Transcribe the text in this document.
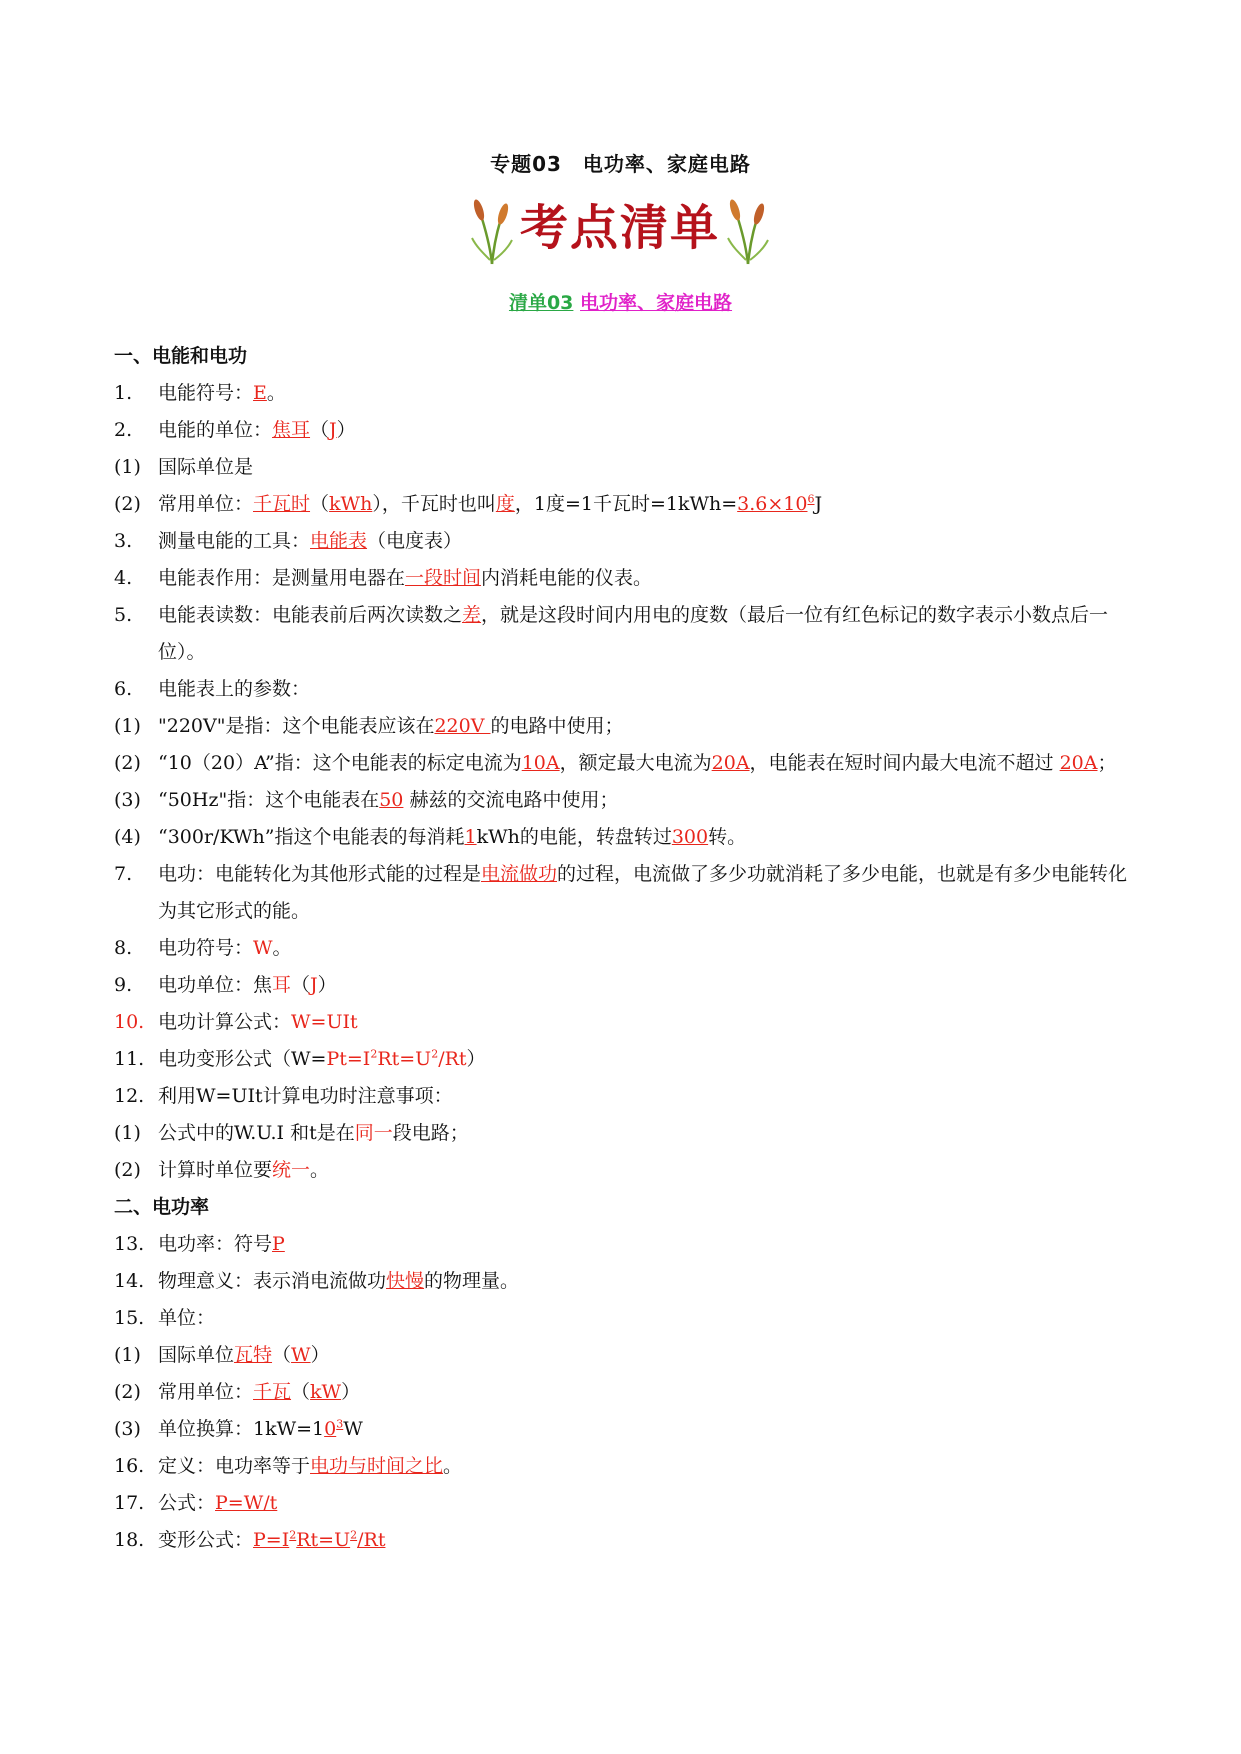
专题03　电功率、家庭电路
考点清单
清单03 电功率、家庭电路
一、电能和电功
1.	电能符号：E。
2.	电能的单位：焦耳（J）
(1) 国际单位是
(2) 常用单位：千瓦时（kWh），千瓦时也叫度，1度=1千瓦时$=1kWh=3.6\times 10^6J$
3.	测量电能的工具：电能表（电度表）
4.	电能表作用：是测量用电器在一段时间内消耗电能的仪表。
5.	电能表读数：电能表前后两次读数之差，就是这段时间内用电的度数（最后一位有红色标记的数字表示小数点后一位）。
6.	电能表上的参数：
(1) "220V"是指：这个电能表应该在220V 的电路中使用；
(2) “10（20）A”指：这个电能表的标定电流为10A，额定最大电流为20A，电能表在短时间内最大电流不超过 20A；
(3) “50Hz"指：这个电能表在50 赫兹的交流电路中使用；
(4) “300r/KWh”指这个电能表的每消耗1kWh的电能，转盘转过300转。
7.	电功：电能转化为其他形式能的过程是电流做功的过程，电流做了多少功就消耗了多少电能，也就是有多少电能转化为其它形式的能。
8.	电功符号：W。
9.	电功单位：焦耳（J）
10. 电功计算公式：W=UIt
11. 电功变形公式$(W=Pt=I^2Rt=U^2/Rt)$
12. 利用W=UIt计算电功时注意事项：
(1) 公式中的W.U.I 和t是在同一段电路；
(2) 计算时单位要统一。
二、电功率
13. 电功率：符号P
14. 物理意义：表示消电流做功快慢的物理量。
15. 单位：
(1) 国际单位瓦特（W）
(2) 常用单位：千瓦（kW）
(3) 单位换算：$1kW=10^3W$
16. 定义：电功率等于电功与时间之比。
17. 公式：P=W/t
18. 变形公式：$P=I^2Rt=U^2/Rt$
